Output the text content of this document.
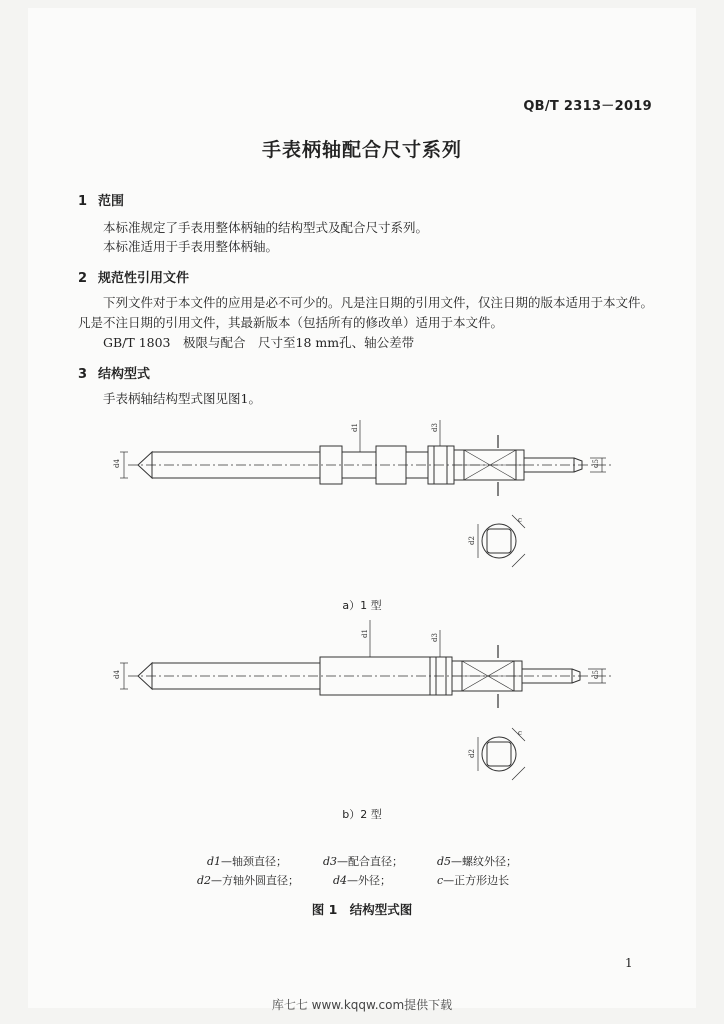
QB/T 2313－2019
手表柄轴配合尺寸系列
1 范围
本标准规定了手表用整体柄轴的结构型式及配合尺寸系列。
本标准适用于手表用整体柄轴。
2 规范性引用文件
下列文件对于本文件的应用是必不可少的。凡是注日期的引用文件，仅注日期的版本适用于本文件。凡是不注日期的引用文件，其最新版本（包括所有的修改单）适用于本文件。
GB/T 1803　极限与配合　尺寸至18 mm孔、轴公差带
3 结构型式
手表柄轴结构型式图见图1。
d4	d5
d1	d3
d2
c
a）1 型
d4	d5
d1	d3
d2
c
b）2 型
d1—轴颈直径；	d3—配合直径；	d5—螺纹外径；
d2—方轴外圆直径；	d4—外径；	c—正方形边长
图 1　结构型式图
1
库七七 www.kqqw.com提供下载
